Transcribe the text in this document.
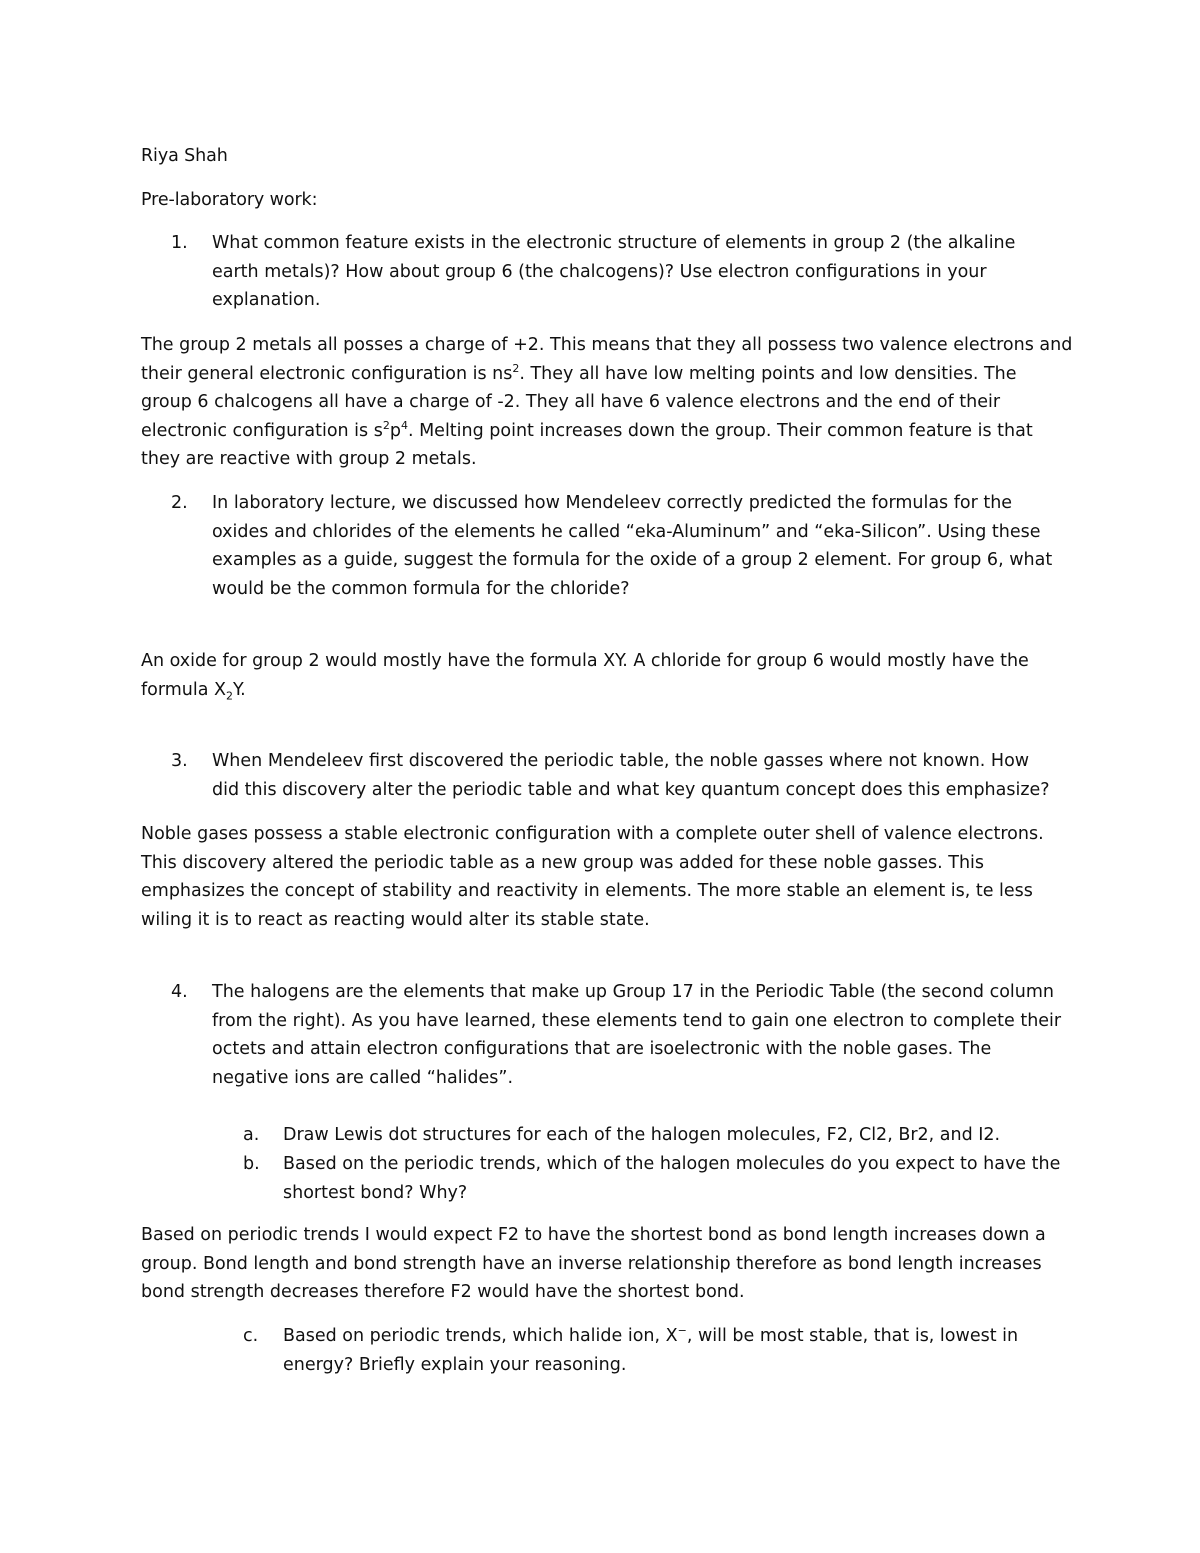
Riya Shah

Pre-laboratory work:

1. What common feature exists in the electronic structure of elements in group 2 (the alkaline
earth metals)? How about group 6 (the chalcogens)? Use electron configurations in your
explanation.
The group 2 metals all posses a charge of +2. This means that they all possess two valence electrons and
their general electronic configuration is $ns^2$. They all have low melting points and low densities. The
group 6 chalcogens all have a charge of -2. They all have 6 valence electrons and the end of their
electronic configuration is $s^2p^4$. Melting point increases down the group. Their common feature is that
they are reactive with group 2 metals.

2. In laboratory lecture, we discussed how Mendeleev correctly predicted the formulas for the
oxides and chlorides of the elements he called “eka-Aluminum” and “eka-Silicon”. Using these
examples as a guide, suggest the formula for the oxide of a group 2 element. For group 6, what
would be the common formula for the chloride?
An oxide for group 2 would mostly have the formula XY. A chloride for group 6 would mostly have the
formula $X_2Y$.

3. When Mendeleev first discovered the periodic table, the noble gasses where not known. How
did this discovery alter the periodic table and what key quantum concept does this emphasize?
Noble gases possess a stable electronic configuration with a complete outer shell of valence electrons.
This discovery altered the periodic table as a new group was added for these noble gasses. This
emphasizes the concept of stability and reactivity in elements. The more stable an element is, te less
wiling it is to react as reacting would alter its stable state.

4. The halogens are the elements that make up Group 17 in the Periodic Table (the second column
from the right). As you have learned, these elements tend to gain one electron to complete their
octets and attain electron configurations that are isoelectronic with the noble gases. The
negative ions are called “halides”.

a. Draw Lewis dot structures for each of the halogen molecules, F2, Cl2, Br2, and I2.

b. Based on the periodic trends, which of the halogen molecules do you expect to have the
shortest bond? Why?
Based on periodic trends I would expect F2 to have the shortest bond as bond length increases down a
group. Bond length and bond strength have an inverse relationship therefore as bond length increases
bond strength decreases therefore F2 would have the shortest bond.

c. Based on periodic trends, which halide ion, X−, will be most stable, that is, lowest in
energy? Briefly explain your reasoning.
